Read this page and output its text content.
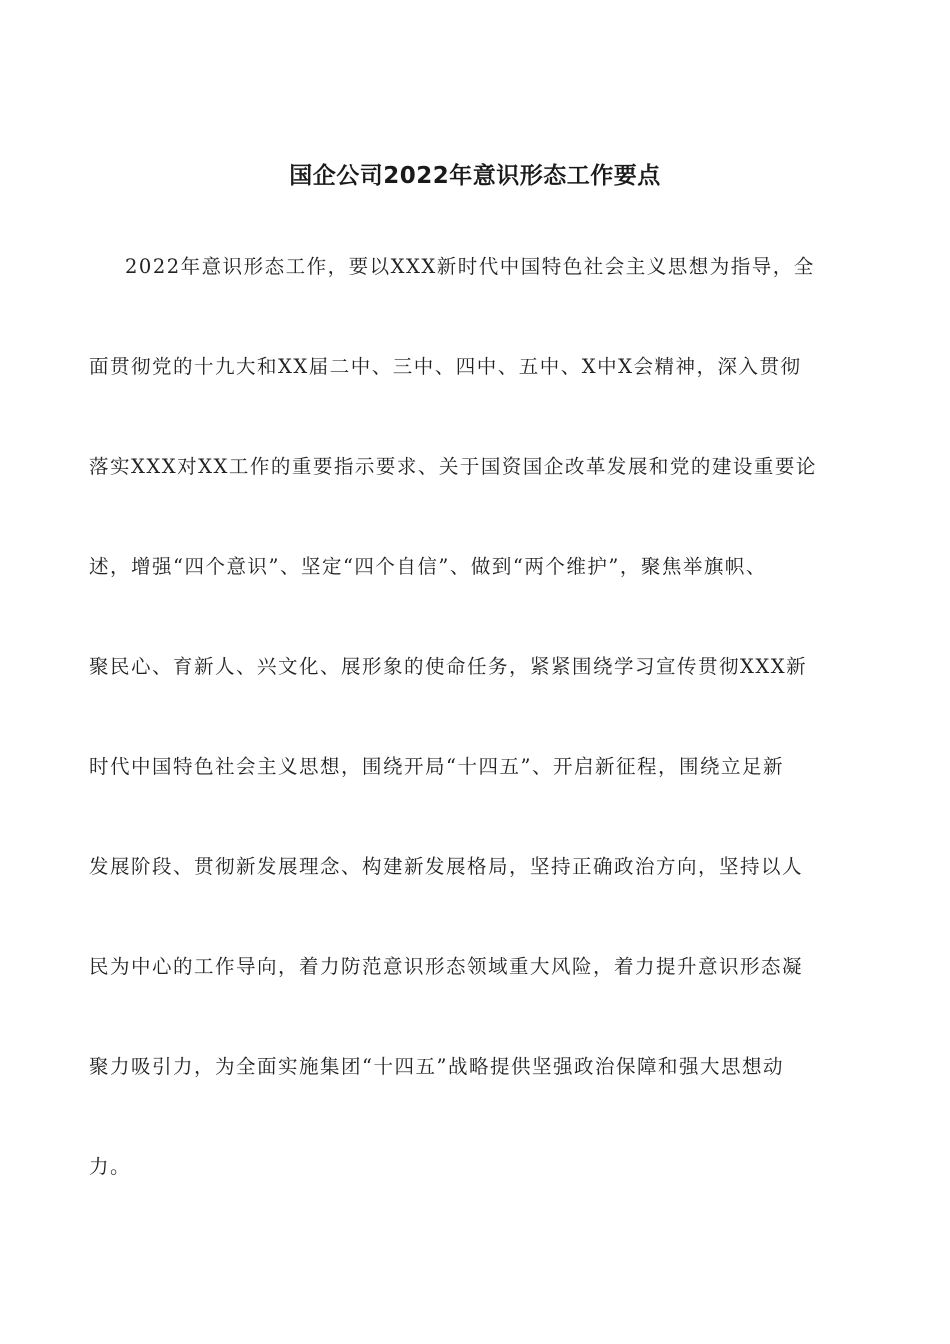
国企公司2022年意识形态工作要点
2022年意识形态工作，要以XXX新时代中国特色社会主义思想为指导，全
面贯彻党的十九大和XX届二中、三中、四中、五中、X中X会精神，深入贯彻
落实XXX对XX工作的重要指示要求、关于国资国企改革发展和党的建设重要论
述，增强“四个意识”、坚定“四个自信”、做到“两个维护”，聚焦举旗帜、
聚民心、育新人、兴文化、展形象的使命任务，紧紧围绕学习宣传贯彻XXX新
时代中国特色社会主义思想，围绕开局“十四五”、开启新征程，围绕立足新
发展阶段、贯彻新发展理念、构建新发展格局，坚持正确政治方向，坚持以人
民为中心的工作导向，着力防范意识形态领域重大风险，着力提升意识形态凝
聚力吸引力，为全面实施集团“十四五”战略提供坚强政治保障和强大思想动
力。
